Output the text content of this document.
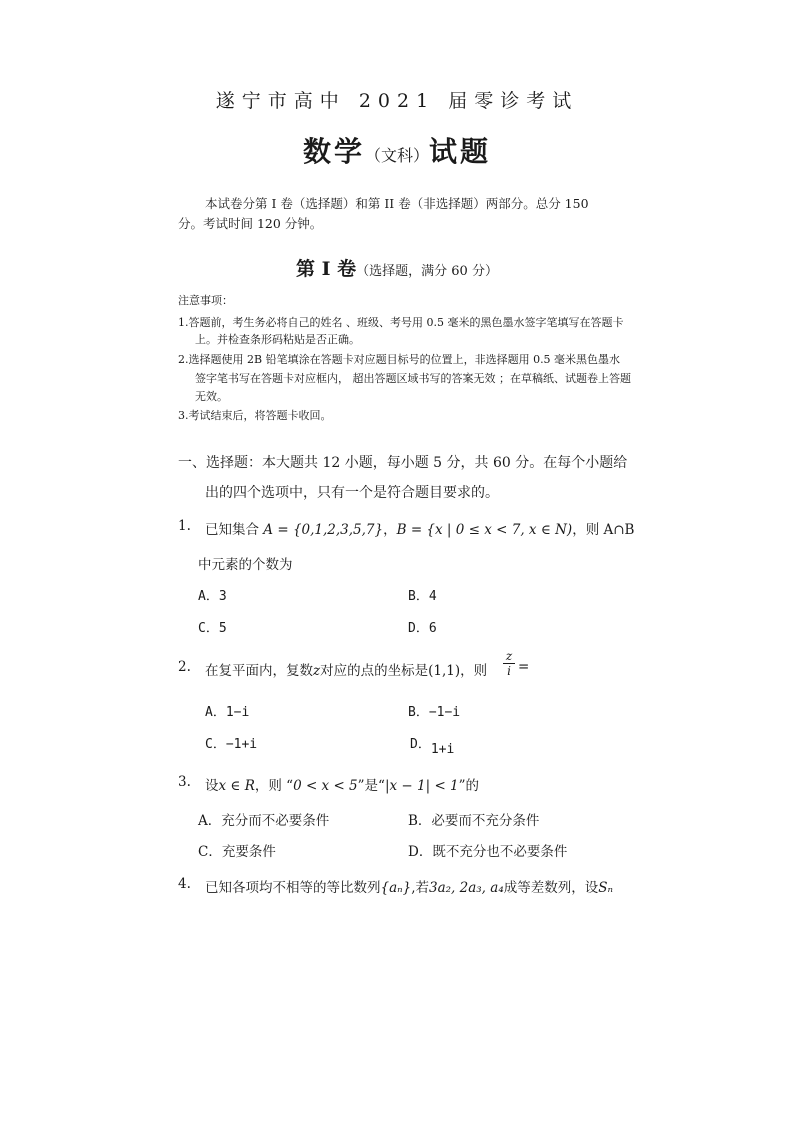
遂宁市高中 2021 届零诊考试
数学（文科）试题
本试卷分第 I 卷（选择题）和第 II 卷（非选择题）两部分。总分 150
分。考试时间 120 分钟。
第 Ⅰ 卷（选择题，满分 60 分）
注意事项：
1.答题前，考生务必将自己的姓名 、班级、考号用 0.5 毫米的黑色墨水签字笔填写在答题卡
上。并检查条形码粘贴是否正确。
2.选择题使用 2B 铅笔填涂在答题卡对应题目标号的位置上，非选择题用 0.5 毫米黑色墨水
签字笔书写在答题卡对应框内， 超出答题区域书写的答案无效 ；在草稿纸、试题卷上答题
无效。
3.考试结束后，将答题卡收回。
一、选择题：本大题共 12 小题，每小题 5 分，共 60 分。在每个小题给
出的四个选项中，只有一个是符合题目要求的。
1. 已知集合 A = {0,1,2,3,5,7}，B = {x | 0 ≤ x < 7, x ∈ N)，则 A∩B
中元素的个数为
A．3	B．4
C．5	D．6
2. 在复平面内，复数z对应的点的坐标是(1,1)，则
z
i =
A．1−i	B．−1−i
C．−1+i	D．1+i
3. 设x ∈ R，则 “0 < x < 5”是“|x − 1| < 1”的
A．充分而不必要条件	B．必要而不充分条件
C．充要条件	D．既不充分也不必要条件
4. 已知各项均不相等的等比数列{aₙ},若3a₂, 2a₃, a₄成等差数列，设Sₙ
